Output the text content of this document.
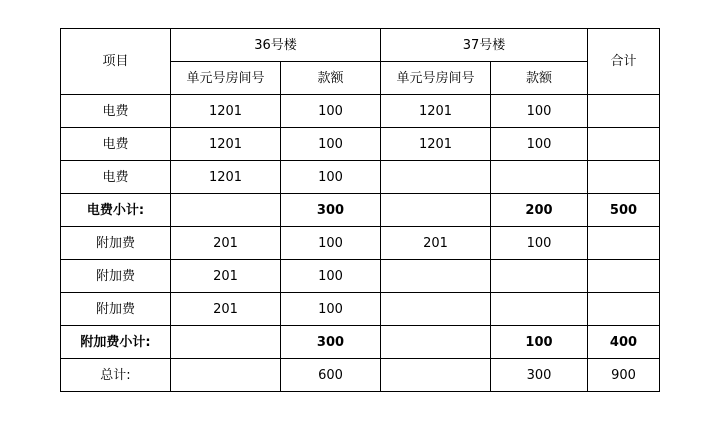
项目	36号楼		37号楼		合计
	单元号房间号	款额	单元号房间号	款额	
电费	1201	100	1201	100	
电费	1201	100	1201	100	
电费	1201	100			
电费小计:		300		200	500
附加费	201	100	201	100	
附加费	201	100			
附加费	201	100			
附加费小计:		300		100	400
总计:		600		300	900
